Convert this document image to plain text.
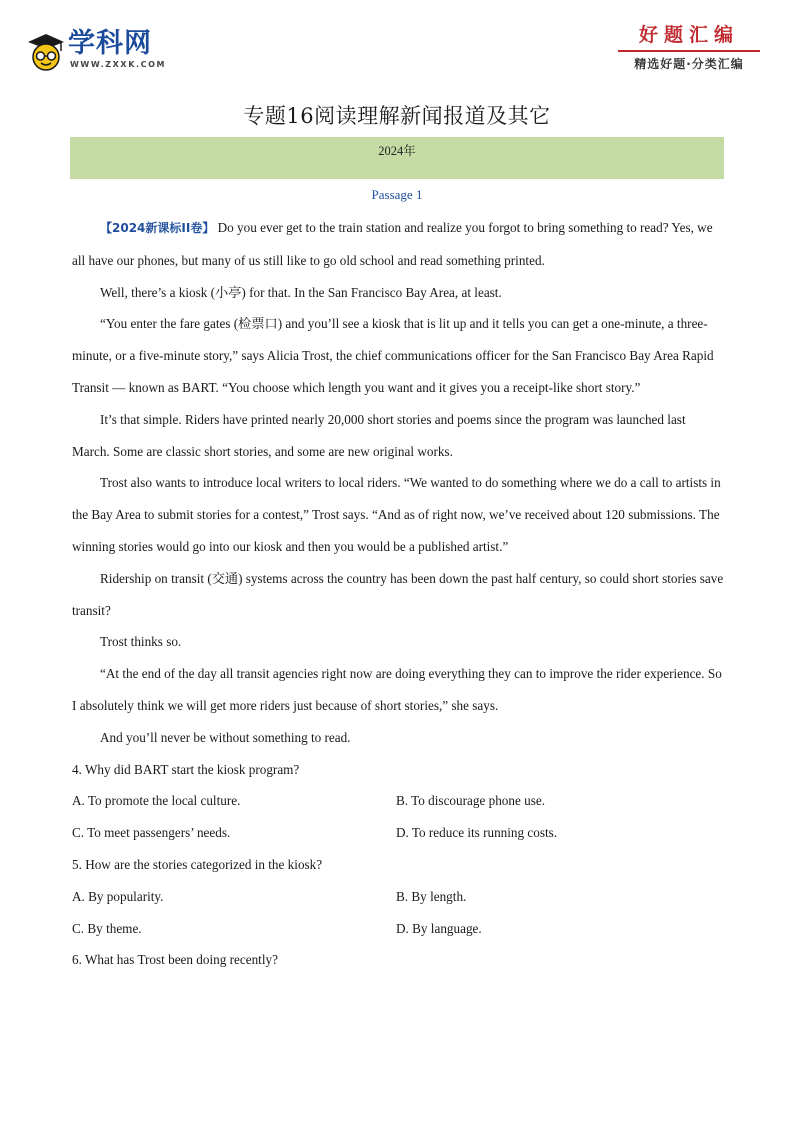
学科网
WWW.ZXXK.COM
好题汇编
精选好题·分类汇编
专题16阅读理解新闻报道及其它
2024年
Passage 1

【2024新课标ⅠⅠ卷】 Do you ever get to the train station and realize you forgot to bring something to read? Yes, we all have our phones, but many of us still like to go old school and read something printed.

Well, there’s a kiosk (小亭) for that. In the San Francisco Bay Area, at least.

“You enter the fare gates (检票口) and you’ll see a kiosk that is lit up and it tells you can get a one-minute, a three-minute, or a five-minute story,” says Alicia Trost, the chief communications officer for the San Francisco Bay Area Rapid Transit — known as BART. “You choose which length you want and it gives you a receipt-like short story.”

It’s that simple. Riders have printed nearly 20,000 short stories and poems since the program was launched last March. Some are classic short stories, and some are new original works.

Trost also wants to introduce local writers to local riders. “We wanted to do something where we do a call to artists in the Bay Area to submit stories for a contest,” Trost says. “And as of right now, we’ve received about 120 submissions. The winning stories would go into our kiosk and then you would be a published artist.”

Ridership on transit (交通) systems across the country has been down the past half century, so could short stories save transit?

Trost thinks so.

“At the end of the day all transit agencies right now are doing everything they can to improve the rider experience. So I absolutely think we will get more riders just because of short stories,” she says.

And you’ll never be without something to read.

4. Why did BART start the kiosk program?

A. To promote the local culture.	B. To discourage phone use.
C. To meet passengers’ needs.	D. To reduce its running costs.

5. How are the stories categorized in the kiosk?

A. By popularity.	B. By length.
C. By theme.	D. By language.

6. What has Trost been doing recently?
